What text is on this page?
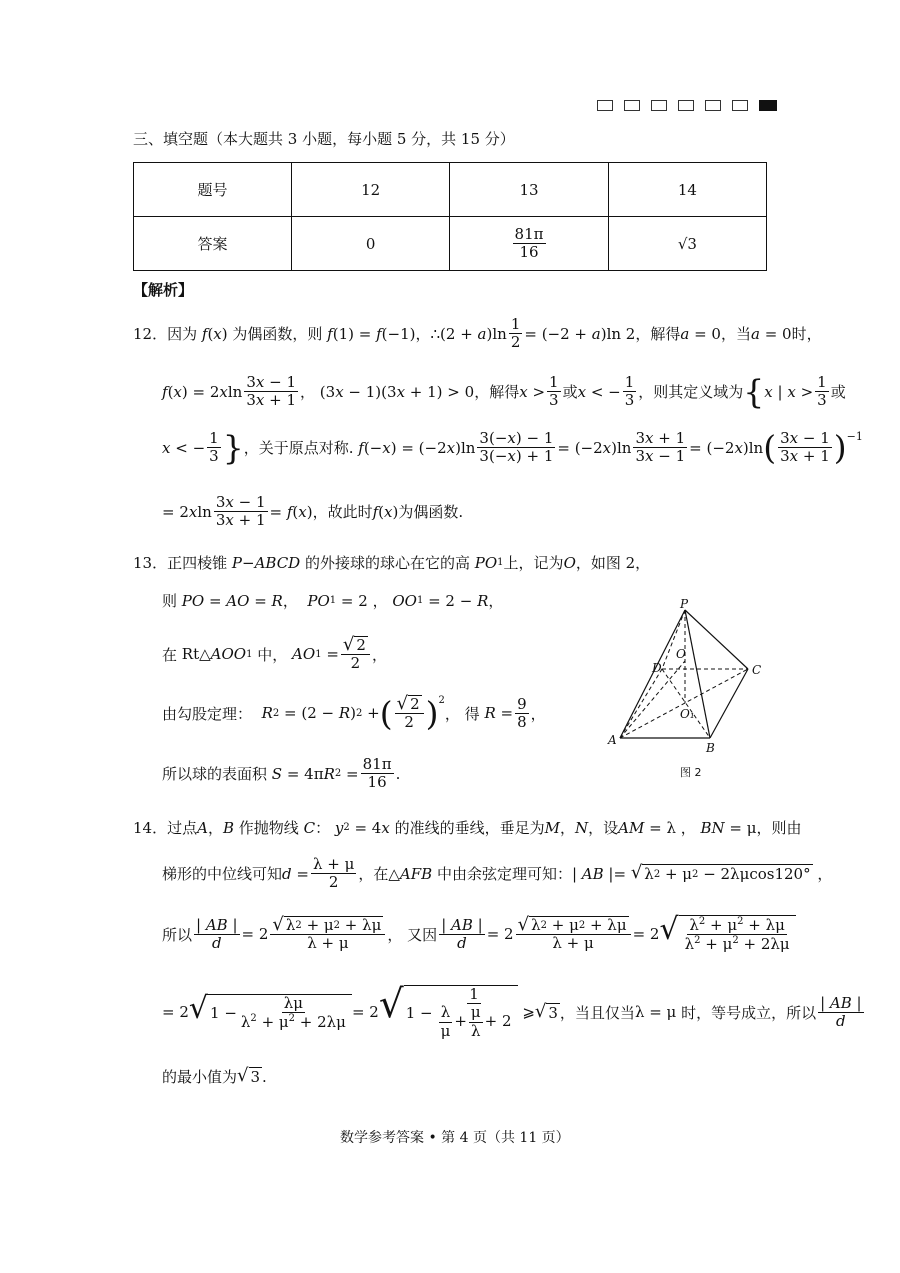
三、填空题（本大题共 3 小题，每小题 5 分，共 15 分）
题号	12	13	14
答案	0	$\frac{81\pi}{16}$	√3
【解析】
12． 因为 f ( x ) 为偶函数，则 f (1) = f (−1) ， ∴ (2 + a )$\ln \frac{1}{2} = (-2 + a$ )ln 2 ，解得 a = 0 ，当 a = 0 时，
f ( x ) = 2 x $\ln \frac{3x - 1}{3x + 1}$ ， (3 x − 1)(3 x + 1) > 0 ，解得 $x > \frac{1}{3}$ 或 x < − $\frac{1}{3}$ ，则其定义域为 { x | $x > \frac{1}{3}$ 或
x < − $\frac{1}{3}$ } ，关于原点对称.
f (− x ) = (−2 x )$\ln \frac{3(-x) - 1}{3(-x) + 1} = (-2$ x )$\ln \frac{3x + 1}{3x - 1} = (-2$ x )ln ( $\frac{3x - 1}{3x + 1} )^{-1}$
= 2 x $\ln \frac{3x - 1}{3x + 1} = f$ ( x ) ，故此时 f ( x ) 为偶函数.
13． 正四棱锥
P − ABCD
的外接球的球心在它的高
PO 1 上，记为 O ，如图 2，
则
PO = AO = R ， PO 1 = 2 ， OO 1 = 2 − R ，
在 Rt△ AOO 1
中，
AO $1 = \frac{√ 2}{2}$ ，
由勾股定理：
R 2 = (2 − R ) 2 + ( $\frac{√ 2}{2} )^2$
， 得
$R = \frac{9}{8}$ ，
所以球的表面积
S = 4π R $2 = \frac{81\pi}{16}$ .
P
A
B
C
D
O
O₁
图 2
14． 过点 A ， B
作抛物线
C ： y 2 = 4 x
的准线的垂线，垂足为 M ， N ，设 AM = λ ， BN = μ ，则由
梯形的中位线可知 $d = \frac{\lambda + \mu}{2}$ ，在△ AFB
中由余弦定理可知： | AB |= √ λ 2 + μ 2 − 2λμcos120° ，
所以 $\frac{| AB |}{d} = 2 \frac{√ \lambda 2 + \mu 2 + \lambda\mu}{\lambda + \mu}$ ， 又因 $\frac{| AB |}{d} = 2 \frac{√ \lambda 2 + \mu 2 + \lambda\mu}{\lambda + \mu} = 2$ √ $\frac{\lambda^2 + \mu^2 + \lambda\mu}{\lambda^2 + \mu^2 + 2\lambda\mu}$
= 2 √ $1 - \frac{\lambda\mu}{\lambda^2 + \mu^2 + 2\lambda\mu} = 2$ √ $1 - \frac{1}{\frac{\lambda}{\mu} + \frac{\mu}{\lambda} + 2}$ ⩾ √ 3 ，当且仅当 λ = μ 时，等号成立，所以 $\frac{| AB |}{d}$
的最小值为 √ 3 .
数学参考答案 • 第 4 页（共 11 页）
